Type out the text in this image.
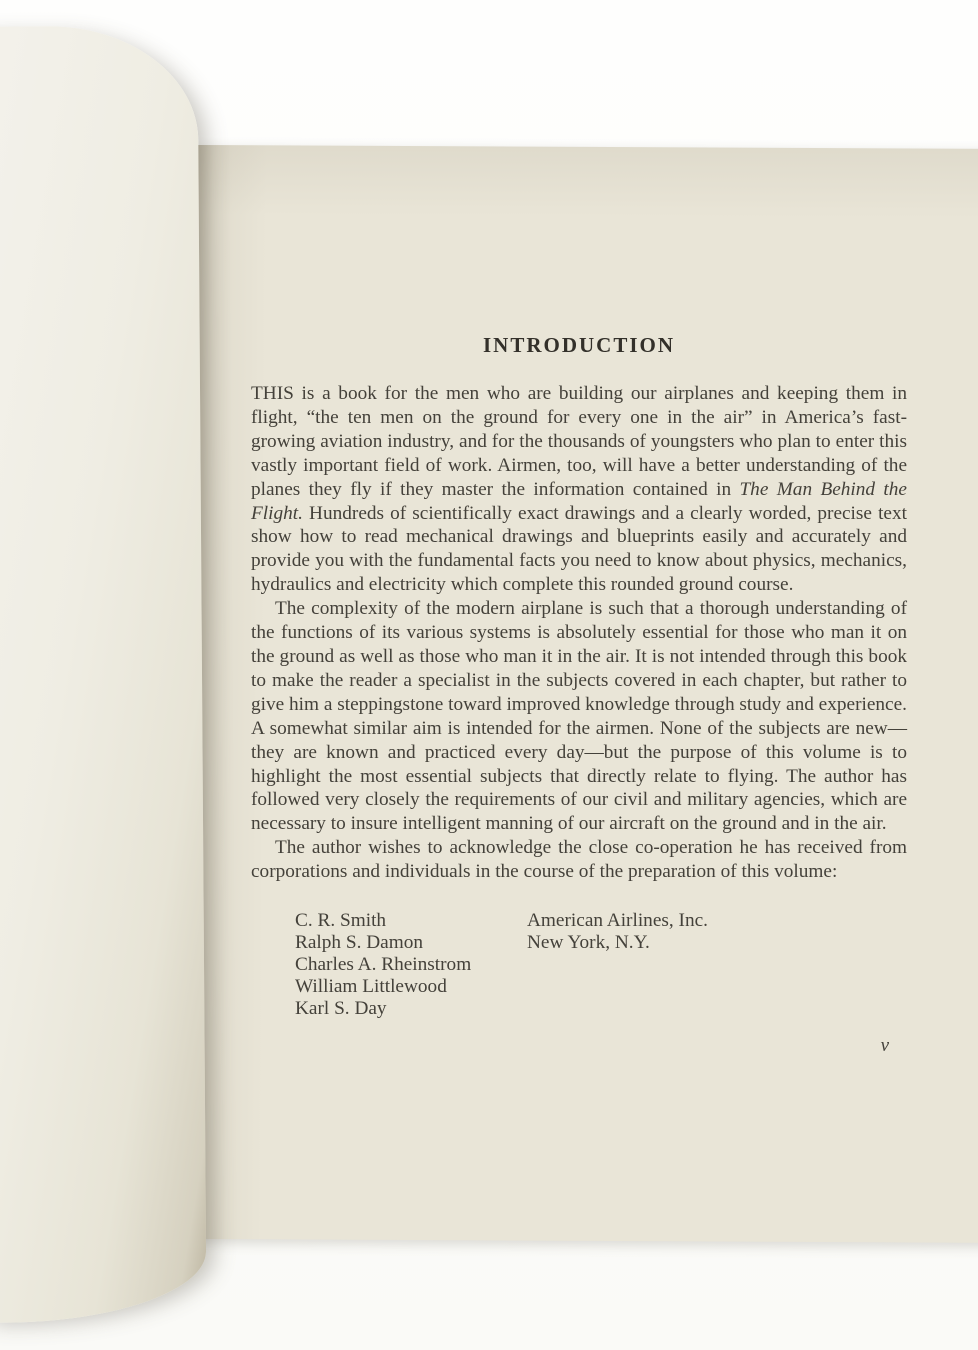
INTRODUCTION

THIS is a book for the men who are building our airplanes and keeping them in flight, “the ten men on the ground for every one in the air” in America’s fast-growing aviation industry, and for the thousands of youngsters who plan to enter this vastly important field of work. Airmen, too, will have a better understanding of the planes they fly if they master the information contained in The Man Behind the Flight. Hundreds of scientifically exact drawings and a clearly worded, precise text show how to read mechanical drawings and blueprints easily and accurately and provide you with the fundamental facts you need to know about physics, mechanics, hydraulics and electricity which complete this rounded ground course.

The complexity of the modern airplane is such that a thorough understanding of the functions of its various systems is absolutely essential for those who man it on the ground as well as those who man it in the air. It is not intended through this book to make the reader a specialist in the subjects covered in each chapter, but rather to give him a steppingstone toward improved knowledge through study and experience. A somewhat similar aim is intended for the airmen. None of the subjects are new—they are known and practiced every day—but the purpose of this volume is to highlight the most essential subjects that directly relate to flying. The author has followed very closely the requirements of our civil and military agencies, which are necessary to insure intelligent manning of our aircraft on the ground and in the air.

The author wishes to acknowledge the close co-operation he has received from corporations and individuals in the course of the preparation of this volume:

C. R. Smith
Ralph S. Damon
Charles A. Rheinstrom
William Littlewood
Karl S. Day
American Airlines, Inc.
New York, N.Y.
v
